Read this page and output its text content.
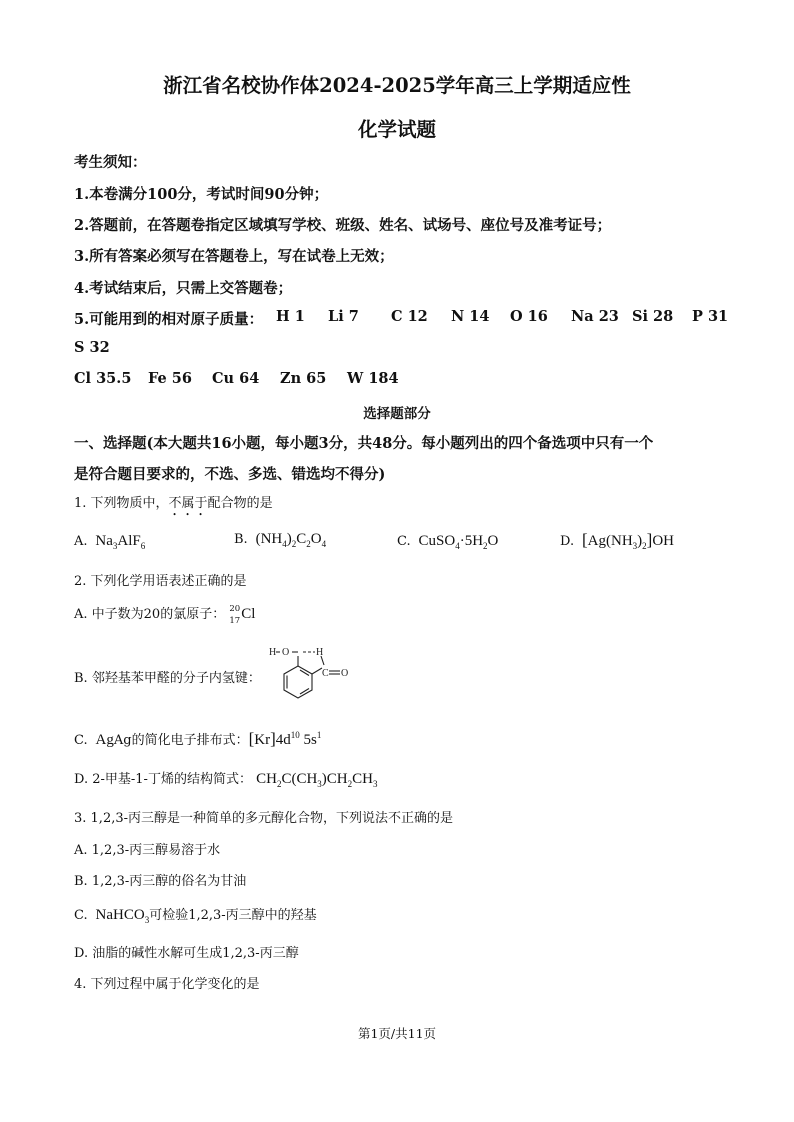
浙江省名校协作体2024-2025学年高三上学期适应性
化学试题
考生须知：
1.本卷满分100分，考试时间90分钟；
2.答题前，在答题卷指定区域填写学校、班级、姓名、试场号、座位号及准考证号；
3.所有答案必须写在答题卷上，写在试卷上无效；
4.考试结束后，只需上交答题卷；
5.可能用到的相对原子质量： H 1 Li 7 C 12 N 14 O 16 Na 23 Si 28 P 31
S 32
Cl 35.5 Fe 56 Cu 64 Zn 65 W 184
选择题部分
一、选择题(本大题共16小题，每小题3分，共48分。每小题列出的四个备选项中只有一个
是符合题目要求的，不选、多选、错选均不得分)
1. 下列物质中，不属于配合物的是
A. $Na_3AlF_6$	B. $(NH_4)_2C_2O_4$	C. $CuSO_4\cdot 5H_2O$	D. $[Ag(NH_3)_2]OH$
2. 下列化学用语表述正确的是
A. 中子数为20的氯原子： 20
17 Cl
B. 邻羟基苯甲醛的分子内氢键：
H O	H
C O
C.  AgAg的简化电子排布式：$[Kr]4d^{10}$ $5s^1$
D. 2-甲基-1-丁烯的结构简式： $CH_2C(CH_3)CH_2CH_3$
3. 1,2,3-丙三醇是一种简单的多元醇化合物，下列说法不正确的是
A. 1,2,3-丙三醇易溶于水
B. 1,2,3-丙三醇的俗名为甘油
C. NaHCO$_3$可检验1,2,3-丙三醇中的羟基
D. 油脂的碱性水解可生成1,2,3-丙三醇
4. 下列过程中属于化学变化的是
第1页/共11页
